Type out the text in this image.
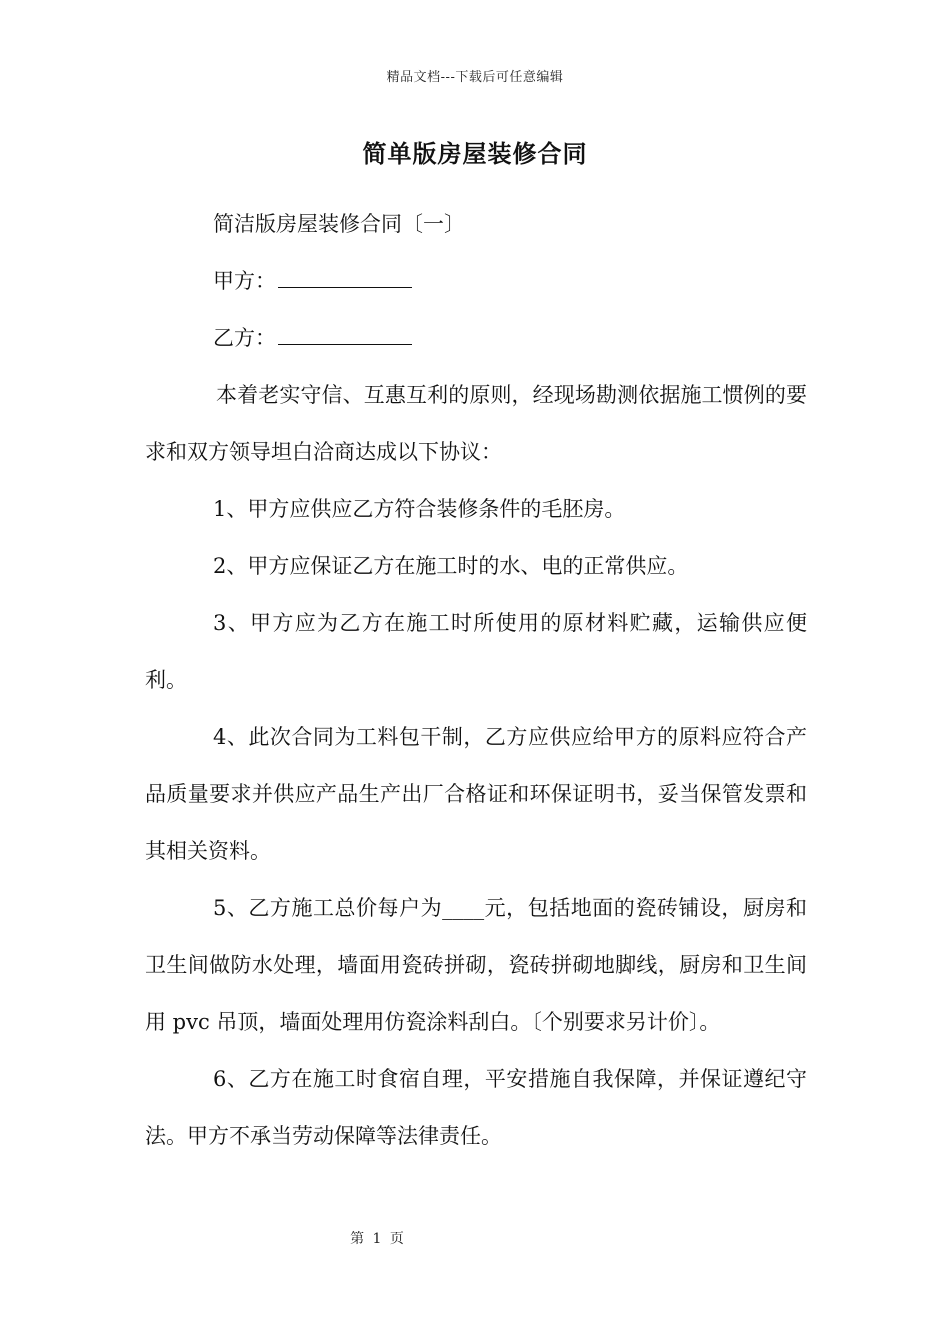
精品文档---下载后可任意编辑
简单版房屋装修合同

简洁版房屋装修合同〔一〕

甲方：

乙方：

本着老实守信、互惠互利的原则，经现场勘测依据施工惯例的要求和双方领导坦白洽商达成以下协议：

1、甲方应供应乙方符合装修条件的毛胚房。

2、甲方应保证乙方在施工时的水、电的正常供应。

3、甲方应为乙方在施工时所使用的原材料贮藏，运输供应便利。

4、此次合同为工料包干制，乙方应供应给甲方的原料应符合产品质量要求并供应产品生产出厂合格证和环保证明书，妥当保管发票和其相关资料。

5、乙方施工总价每户为____元，包括地面的瓷砖铺设，厨房和卫生间做防水处理，墙面用瓷砖拼砌，瓷砖拼砌地脚线，厨房和卫生间用 pvc 吊顶，墙面处理用仿瓷涂料刮白。〔个别要求另计价〕。

6、乙方在施工时食宿自理，平安措施自我保障，并保证遵纪守法。甲方不承当劳动保障等法律责任。

第 1 页
